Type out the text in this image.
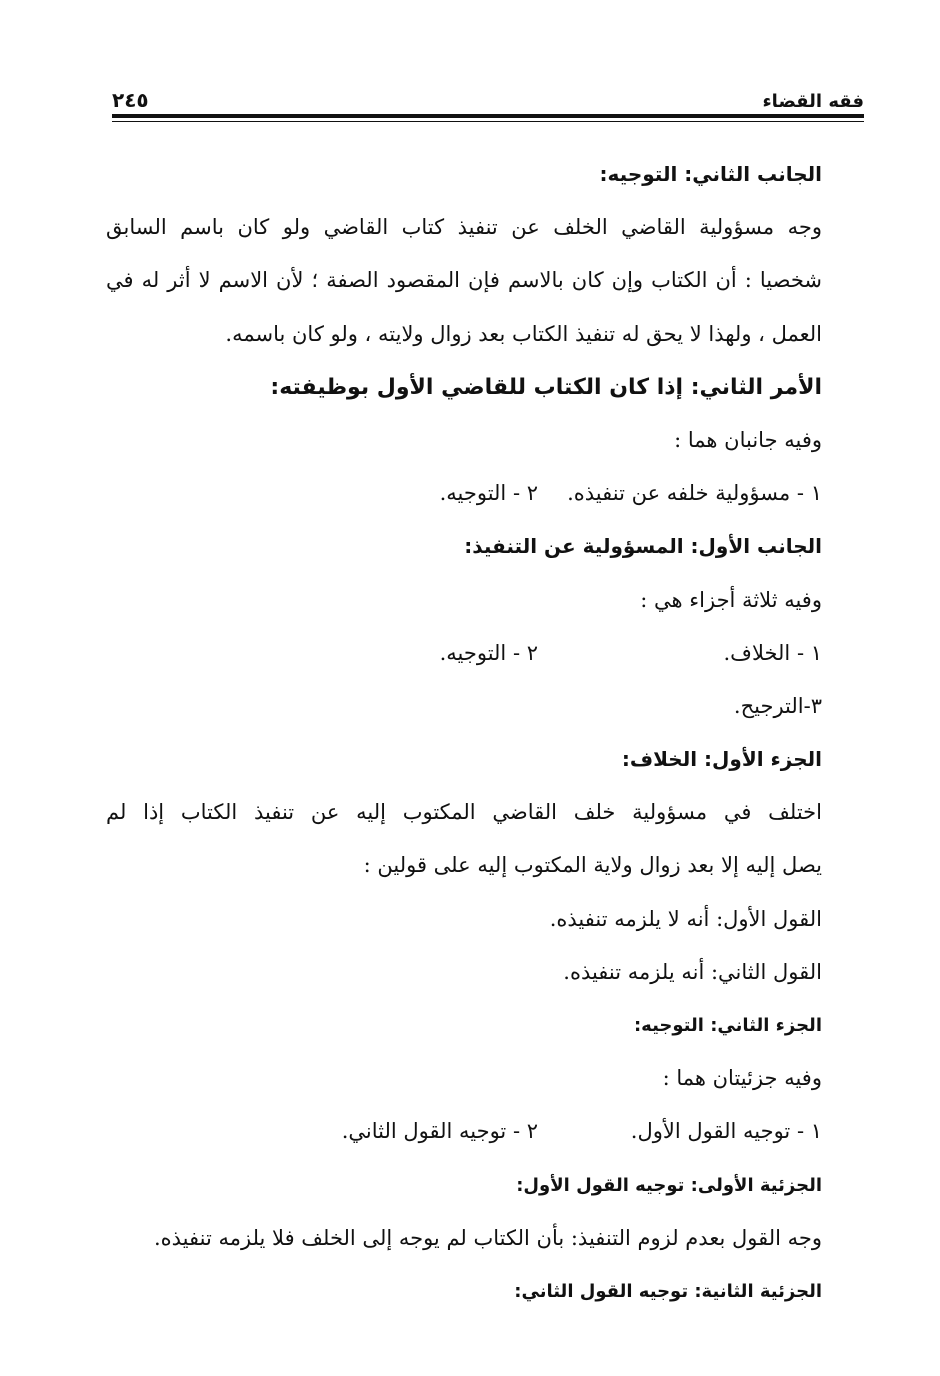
فقه القضاء
٢٤٥
الجانب الثاني: التوجيه:
وجه مسؤولية القاضي الخلف عن تنفيذ كتاب القاضي ولو كان باسم السابق
شخصيا : أن الكتاب وإن كان بالاسم فإن المقصود الصفة ؛ لأن الاسم لا أثر له في
العمل ، ولهذا لا يحق له تنفيذ الكتاب بعد زوال ولايته ، ولو كان باسمه.
الأمر الثاني: إذا كان الكتاب للقاضي الأول بوظيفته:
وفيه جانبان هما :
١ - مسؤولية خلفه عن تنفيذه.
٢ - التوجيه.
الجانب الأول: المسؤولية عن التنفيذ:
وفيه ثلاثة أجزاء هي :
١ - الخلاف.
٢ - التوجيه.
٣-الترجيح.
الجزء الأول: الخلاف:
اختلف في مسؤولية خلف القاضي المكتوب إليه عن تنفيذ الكتاب إذا لم
يصل إليه إلا بعد زوال ولاية المكتوب إليه على قولين :
القول الأول: أنه لا يلزمه تنفيذه.
القول الثاني: أنه يلزمه تنفيذه.
الجزء الثاني: التوجيه:
وفيه جزئيتان هما :
١ - توجيه القول الأول.
٢ - توجيه القول الثاني.
الجزئية الأولى: توجيه القول الأول:
وجه القول بعدم لزوم التنفيذ: بأن الكتاب لم يوجه إلى الخلف فلا يلزمه تنفيذه.
الجزئية الثانية: توجيه القول الثاني:
